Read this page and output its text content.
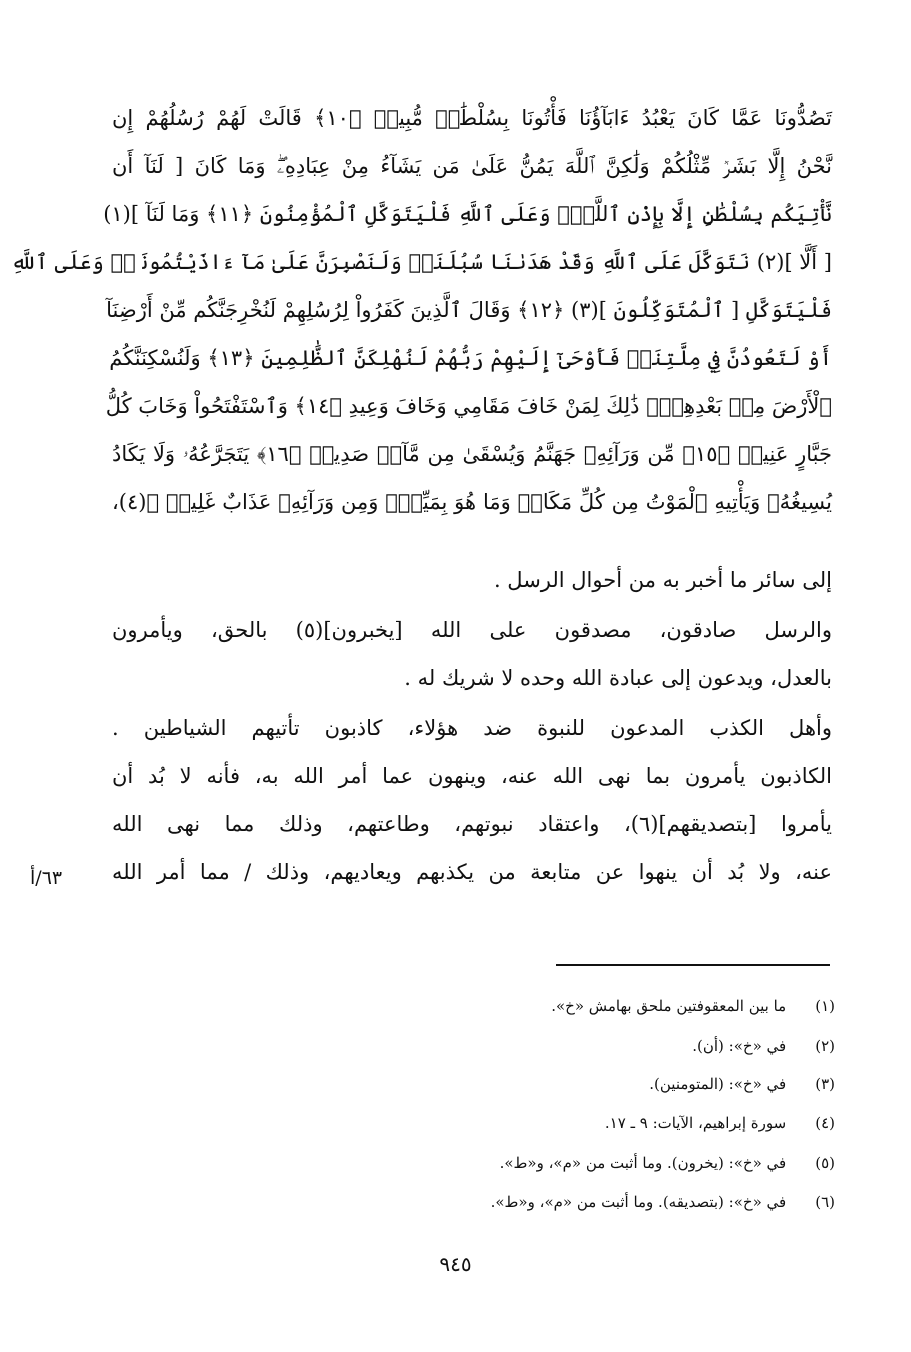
تَصُدُّونَا عَمَّا كَانَ يَعْبُدُ ءَابَآؤُنَا فَأْتُونَا بِسُلْطَٰنٖ مُّبِينٖ ﴿١٠﴾ قَالَتْ لَهُمْ رُسُلُهُمْ إِن
نَّحْنُ إِلَّا بَشَرٞ مِّثْلُكُمْ وَلَٰكِنَّ ٱللَّهَ يَمُنُّ عَلَىٰ مَن يَشَآءُ مِنْ عِبَادِهِۦۖ وَمَا كَانَ [ لَنَآ أَن
نَّأْتِيَكُم بِسُلْطَٰنٍ إِلَّا بِإِذْنِ ٱللَّهِۚ وَعَلَى ٱللَّهِ فَلْيَتَوَكَّلِ ٱلْمُؤْمِنُونَ ﴿١١﴾ وَمَا لَنَآ ](١)
[ أَلَّا ](٢) نَتَوَكَّلَ عَلَى ٱللَّهِ وَقَدْ هَدَىٰنَا سُبُلَنَاۚ وَلَنَصْبِرَنَّ عَلَىٰ مَآ ءَاذَيْتُمُونَاۚ وَعَلَى ٱللَّهِ
فَلْيَتَوَكَّلِ [ ٱلْمُتَوَكِّلُونَ ](٣) ﴿١٢﴾ وَقَالَ ٱلَّذِينَ كَفَرُواْ لِرُسُلِهِمْ لَنُخْرِجَنَّكُم مِّنْ أَرْضِنَآ
أَوْ لَتَعُودُنَّ فِي مِلَّتِنَاۖ فَأَوْحَىٰٓ إِلَيْهِمْ رَبُّهُمْ لَنُهْلِكَنَّ ٱلظَّٰلِمِينَ ﴿١٣﴾ وَلَنُسْكِنَنَّكُمُ
ٱلْأَرْضَ مِنۢ بَعْدِهِمْۚ ذَٰلِكَ لِمَنْ خَافَ مَقَامِي وَخَافَ وَعِيدِ ﴿١٤﴾ وَٱسْتَفْتَحُواْ وَخَابَ كُلُّ
جَبَّارٍ عَنِيدٖ ﴿١٥﴾ مِّن وَرَآئِهِۦ جَهَنَّمُ وَيُسْقَىٰ مِن مَّآءٖ صَدِيدٖ ﴿١٦﴾ يَتَجَرَّعُهُۥ وَلَا يَكَادُ
يُسِيغُهُۥ وَيَأْتِيهِ ٱلْمَوْتُ مِن كُلِّ مَكَانٖ وَمَا هُوَ بِمَيِّتٖۖ وَمِن وَرَآئِهِۦ عَذَابٌ غَلِيظٞ ﴾(٤)،
إلى سائر ما أخبر به من أحوال الرسل .
والرسل صادقون، مصدقون على الله [يخبرون](٥) بالحق، ويأمرون
بالعدل، ويدعون إلى عبادة الله وحده لا شريك له .
وأهل الكذب المدعون للنبوة ضد هؤلاء، كاذبون تأتيهم الشياطين .
الكاذبون يأمرون بما نهى الله عنه، وينهون عما أمر الله به، فأنه لا بُد أن
يأمروا [بتصديقهم](٦)، واعتقاد نبوتهم، وطاعتهم، وذلك مما نهى الله
عنه، ولا بُد أن ينهوا عن متابعة من يكذبهم ويعاديهم، وذلك / مما أمر الله
٦٣/أ
(١) ما بين المعقوفتين ملحق بهامش «خ».
(٢) في «خ»: (أن).
(٣) في «خ»: (المتومنين).
(٤) سورة إبراهيم، الآيات: ٩ ـ ١٧.
(٥) في «خ»: (يخرون). وما أثبت من «م»، و«ط».
(٦) في «خ»: (بتصديقه). وما أثبت من «م»، و«ط».
٩٤٥
